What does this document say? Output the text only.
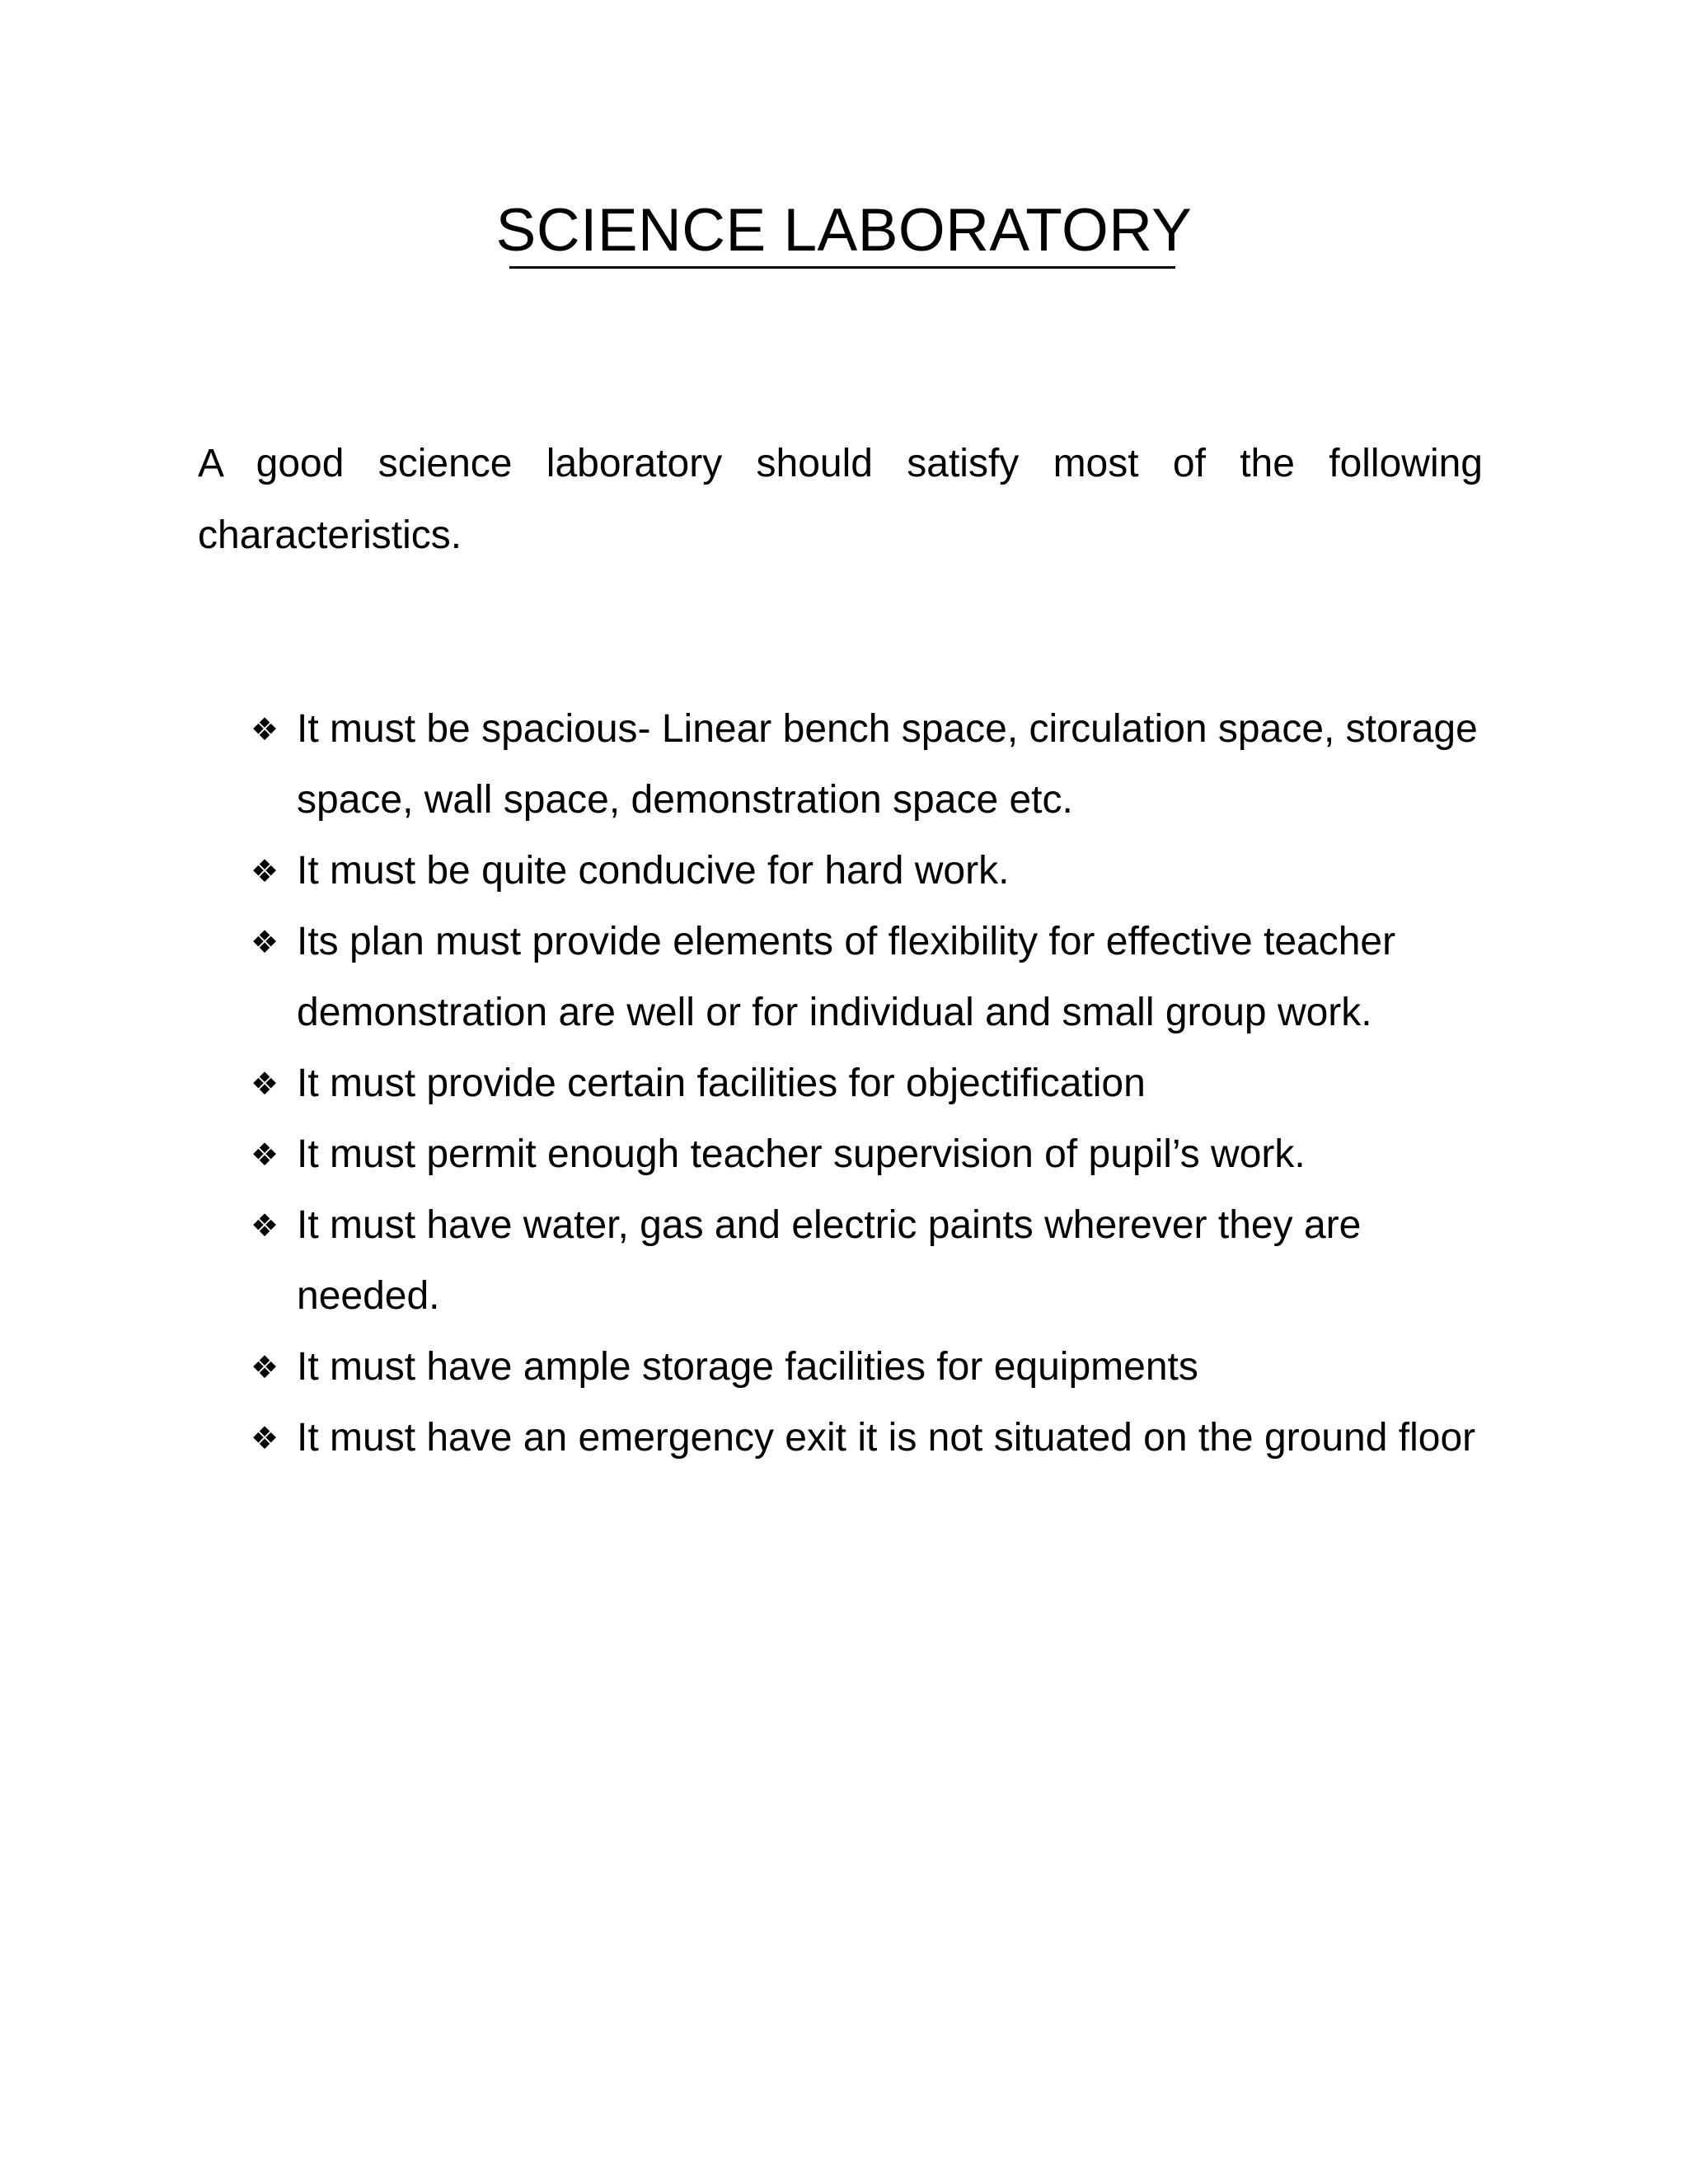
SCIENCE LABORATORY

A good science laboratory should satisfy most of the following
characteristics.

❖ It must be spacious- Linear bench space, circulation space, storage space, wall space, demonstration space etc.
❖ It must be quite conducive for hard work.
❖ Its plan must provide elements of flexibility for effective teacher demonstration are well or for individual and small group work.
❖ It must provide certain facilities for objectification
❖ It must permit enough teacher supervision of pupil’s work.
❖ It must have water, gas and electric paints wherever they are needed.
❖ It must have ample storage facilities for equipments
❖ It must have an emergency exit it is not situated on the ground floor
